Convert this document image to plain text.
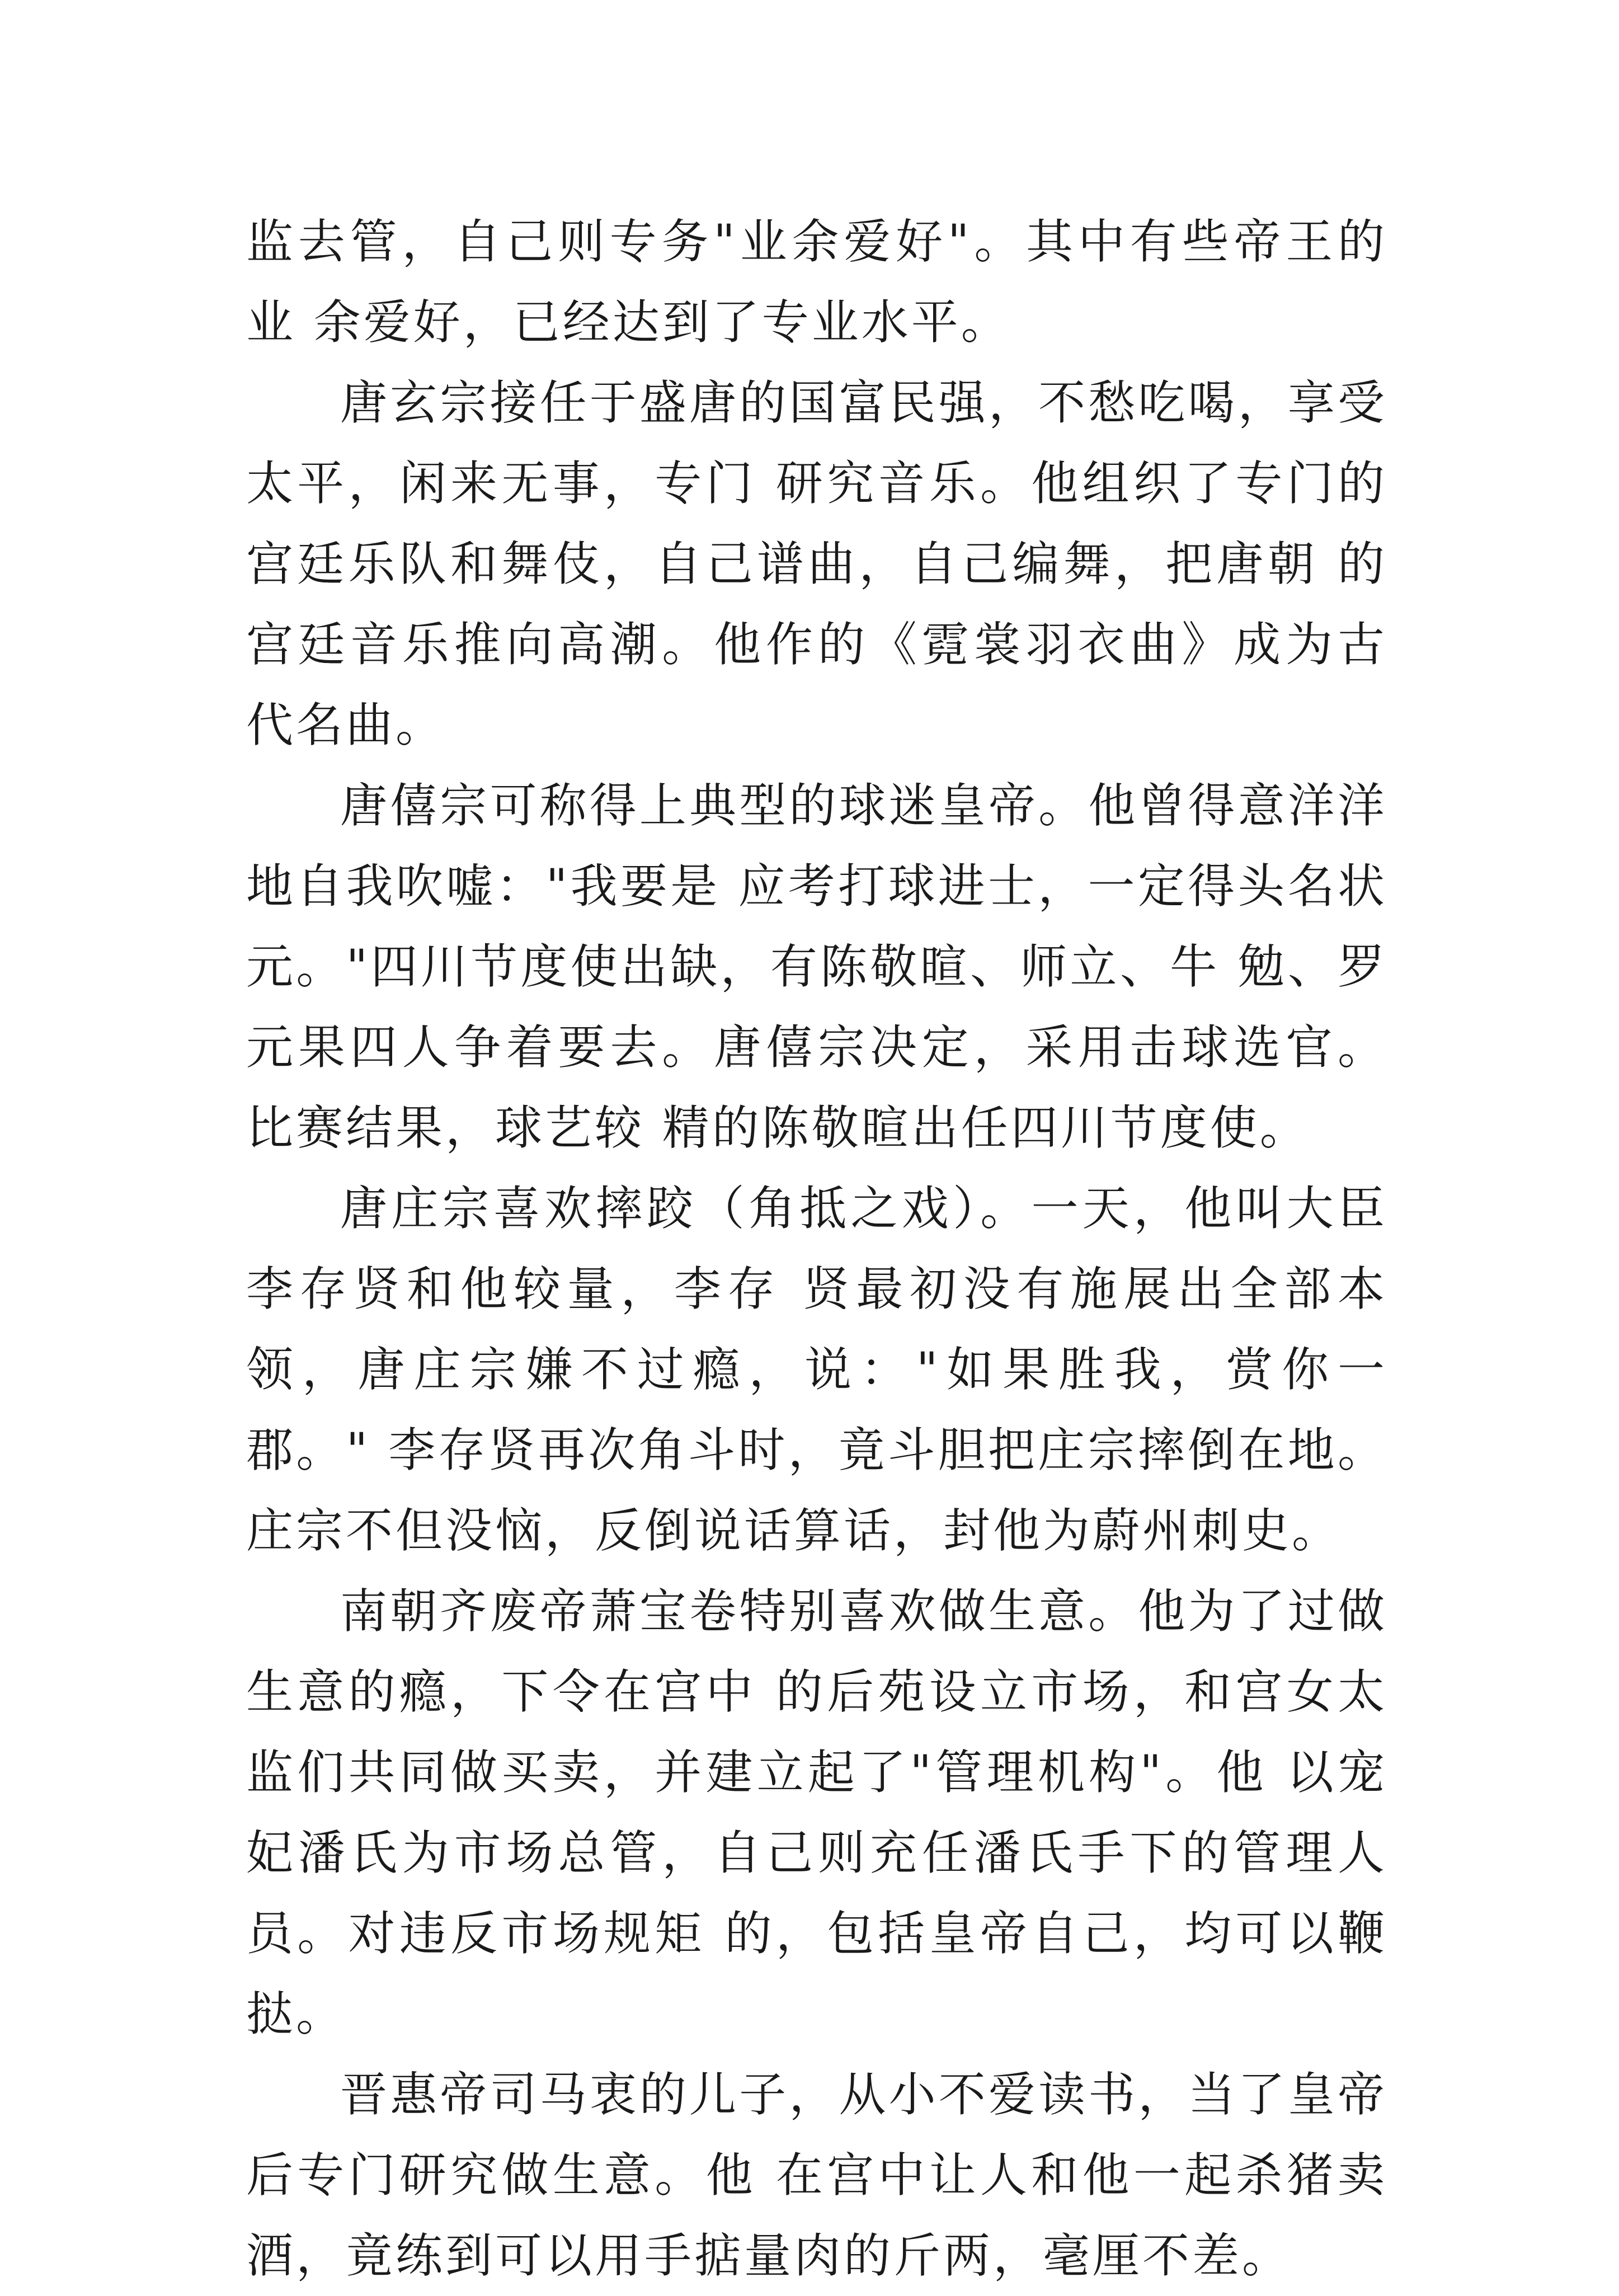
监去管，自己则专务"业余爱好"。其中有些帝王的业 余爱好，已经达到了专业水平。

唐玄宗接任于盛唐的国富民强，不愁吃喝，享受太平，闲来无事，专门 研究音乐。他组织了专门的宫廷乐队和舞伎，自己谱曲，自己编舞，把唐朝 的宫廷音乐推向高潮。他作的《霓裳羽衣曲》成为古代名曲。

唐僖宗可称得上典型的球迷皇帝。他曾得意洋洋地自我吹嘘："我要是 应考打球进士，一定得头名状元。"四川节度使出缺，有陈敬暄、师立、牛 勉、罗元果四人争着要去。唐僖宗决定，采用击球选官。比赛结果，球艺较 精的陈敬暄出任四川节度使。

唐庄宗喜欢摔跤（角抵之戏）。一天，他叫大臣李存贤和他较量，李存 贤最初没有施展出全部本领，唐庄宗嫌不过瘾，说："如果胜我，赏你一郡。" 李存贤再次角斗时，竟斗胆把庄宗摔倒在地。庄宗不但没恼，反倒说话算话，封他为蔚州刺史。

南朝齐废帝萧宝卷特别喜欢做生意。他为了过做生意的瘾，下令在宫中 的后苑设立市场，和宫女太监们共同做买卖，并建立起了"管理机构"。他 以宠妃潘氏为市场总管，自己则充任潘氏手下的管理人员。对违反市场规矩 的，包括皇帝自己，均可以鞭挞。

晋惠帝司马衷的儿子，从小不爱读书，当了皇帝后专门研究做生意。他 在宫中让人和他一起杀猪卖酒，竟练到可以用手掂量肉的斤两，毫厘不差。
